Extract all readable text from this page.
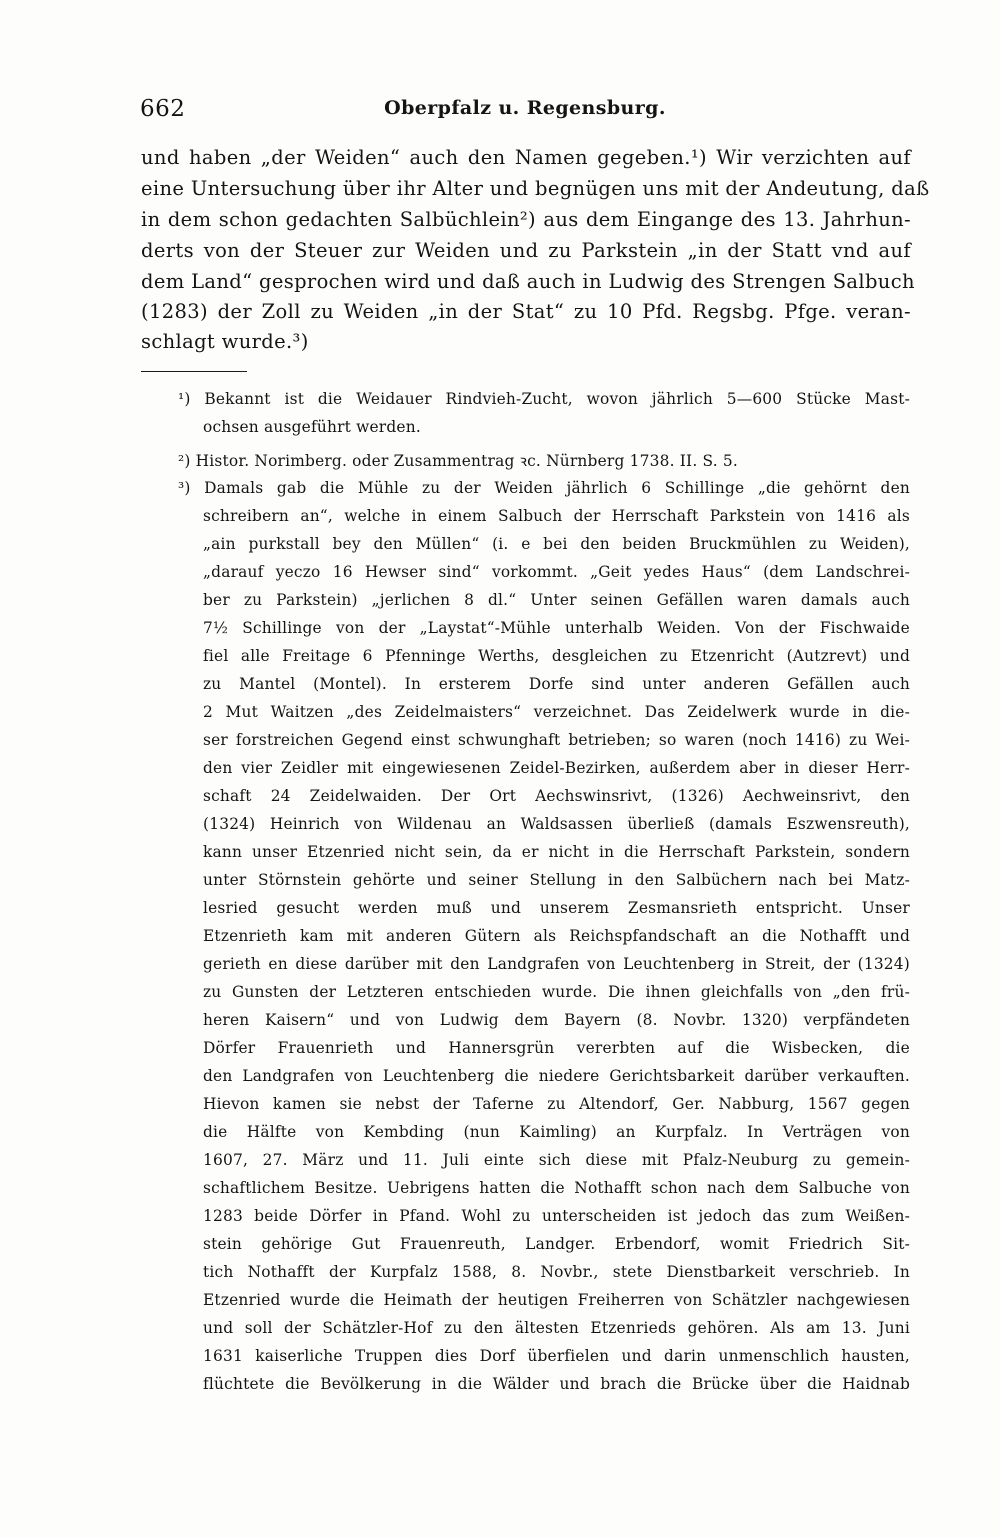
662	Oberpfalz u. Regensburg.
und haben „der Weiden“ auch den Namen gegeben.¹) Wir verzichten auf
eine Untersuchung über ihr Alter und begnügen uns mit der Andeutung, daß
in dem schon gedachten Salbüchlein²) aus dem Eingange des 13. Jahrhun-
derts von der Steuer zur Weiden und zu Parkstein „in der Statt vnd auf
dem Land“ gesprochen wird und daß auch in Ludwig des Strengen Salbuch
(1283) der Zoll zu Weiden „in der Stat“ zu 10 Pfd. Regsbg. Pfge. veran-
schlagt wurde.³)
¹) Bekannt ist die Weidauer Rindvieh-Zucht, wovon jährlich 5—600 Stücke Mast-
ochsen ausgeführt werden.
²) Histor. Norimberg. oder Zusammentrag ꝛc. Nürnberg 1738. II. S. 5.
³) Damals gab die Mühle zu der Weiden jährlich 6 Schillinge „die gehörnt den
schreibern an“, welche in einem Salbuch der Herrschaft Parkstein von 1416 als
„ain purkstall bey den Müllen“ (i. e bei den beiden Bruckmühlen zu Weiden),
„darauf yeczo 16 Hewser sind“ vorkommt. „Geit yedes Haus“ (dem Landschrei-
ber zu Parkstein) „jerlichen 8 dl.“ Unter seinen Gefällen waren damals auch
7½ Schillinge von der „Laystat“-Mühle unterhalb Weiden. Von der Fischwaide
fiel alle Freitage 6 Pfenninge Werths, desgleichen zu Etzenricht (Autzrevt) und
zu Mantel (Montel). In ersterem Dorfe sind unter anderen Gefällen auch
2 Mut Waitzen „des Zeidelmaisters“ verzeichnet. Das Zeidelwerk wurde in die-
ser forstreichen Gegend einst schwunghaft betrieben; so waren (noch 1416) zu Wei-
den vier Zeidler mit eingewiesenen Zeidel-Bezirken, außerdem aber in dieser Herr-
schaft 24 Zeidelwaiden. Der Ort Aechswinsrivt, (1326) Aechweinsrivt, den
(1324) Heinrich von Wildenau an Waldsassen überließ (damals Eszwensreuth),
kann unser Etzenried nicht sein, da er nicht in die Herrschaft Parkstein, sondern
unter Störnstein gehörte und seiner Stellung in den Salbüchern nach bei Matz-
lesried gesucht werden muß und unserem Zesmansrieth entspricht. Unser
Etzenrieth kam mit anderen Gütern als Reichspfandschaft an die Nothafft und
gerieth en diese darüber mit den Landgrafen von Leuchtenberg in Streit, der (1324)
zu Gunsten der Letzteren entschieden wurde. Die ihnen gleichfalls von „den frü-
heren Kaisern“ und von Ludwig dem Bayern (8. Novbr. 1320) verpfändeten
Dörfer Frauenrieth und Hannersgrün vererbten auf die Wisbecken, die
den Landgrafen von Leuchtenberg die niedere Gerichtsbarkeit darüber verkauften.
Hievon kamen sie nebst der Taferne zu Altendorf, Ger. Nabburg, 1567 gegen
die Hälfte von Kembding (nun Kaimling) an Kurpfalz. In Verträgen von
1607, 27. März und 11. Juli einte sich diese mit Pfalz-Neuburg zu gemein-
schaftlichem Besitze. Uebrigens hatten die Nothafft schon nach dem Salbuche von
1283 beide Dörfer in Pfand. Wohl zu unterscheiden ist jedoch das zum Weißen-
stein gehörige Gut Frauenreuth, Landger. Erbendorf, womit Friedrich Sit-
tich Nothafft der Kurpfalz 1588, 8. Novbr., stete Dienstbarkeit verschrieb. In
Etzenried wurde die Heimath der heutigen Freiherren von Schätzler nachgewiesen
und soll der Schätzler-Hof zu den ältesten Etzenrieds gehören. Als am 13. Juni
1631 kaiserliche Truppen dies Dorf überfielen und darin unmenschlich hausten,
flüchtete die Bevölkerung in die Wälder und brach die Brücke über die Haidnab
